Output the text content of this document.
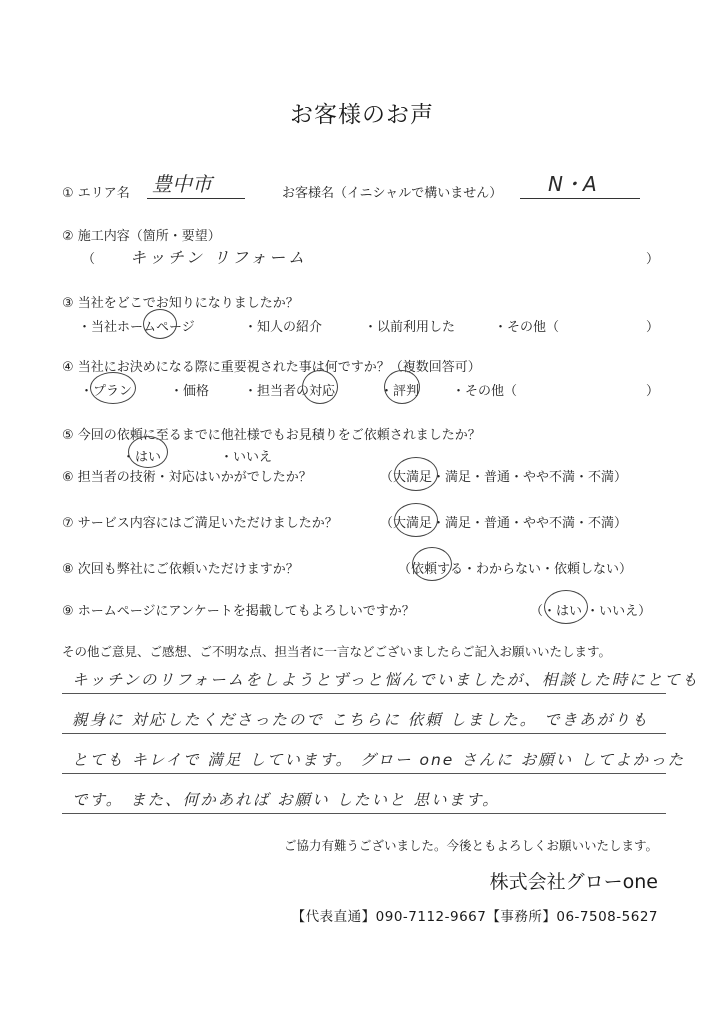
お客様のお声
① エリア名 豊中市	お客様名（イニシャルで構いません） N・A
② 施工内容（箇所・要望）
（ キッチン リフォーム	）
③ 当社をどこでお知りになりましたか？
・当社ホームページ	・知人の紹介	・以前利用した	・その他（	）
④ 当社にお決めになる際に重要視された事は何ですか？（複数回答可）
・プラン	・価格	・担当者の対応	・評判	・その他（	）
⑤ 今回の依頼に至るまでに他社様でもお見積りをご依頼されましたか？
・はい	・いいえ
⑥ 担当者の技術・対応はいかがでしたか？	（大満足・満足・普通・やや不満・不満）
⑦ サービス内容にはご満足いただけましたか？	（大満足・満足・普通・やや不満・不満）
⑧ 次回も弊社にご依頼いただけますか？	（依頼する・わからない・依頼しない）
⑨ ホームページにアンケートを掲載してもよろしいですか？	（・はい ・いいえ）
その他ご意見、ご感想、ご不明な点、担当者に一言などございましたらご記入お願いいたします。
キッチンのリフォームをしようとずっと悩んでいましたが、相談した時にとても
親身に 対応したくださったので こちらに 依頼 しました。 できあがりも
とても キレイで 満足 しています。 グロー one さんに お願い してよかった
です。 また、何かあれば お願い したいと 思います。
ご協力有難うございました。今後ともよろしくお願いいたします。
株式会社グローone
【代表直通】090-7112-9667【事務所】06-7508-5627
